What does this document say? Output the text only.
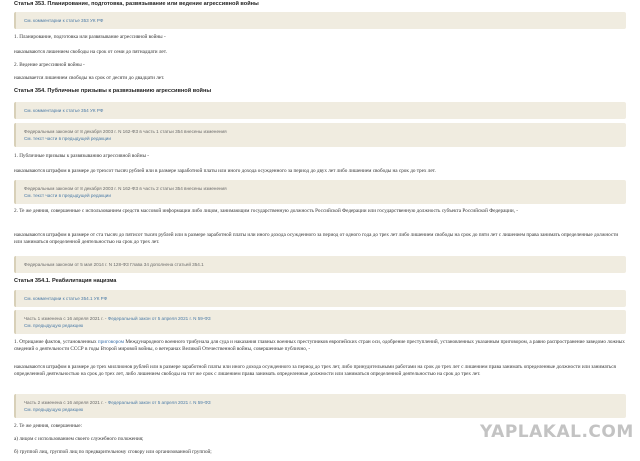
Статья 353. Планирование, подготовка, развязывание или ведение агрессивной войны
См. комментарии к статье 353 УК РФ
1. Планирование, подготовка или развязывание агрессивной войны -
наказываются лишением свободы на срок от семи до пятнадцати лет.
2. Ведение агрессивной войны -
наказывается лишением свободы на срок от десяти до двадцати лет.
Статья 354. Публичные призывы к развязыванию агрессивной войны
См. комментарии к статье 354 УК РФ
Федеральным законом от 8 декабря 2003 г. N 162-ФЗ в часть 1 статьи 354 внесены изменения
См. текст части в предыдущей редакции
1. Публичные призывы к развязыванию агрессивной войны -
наказываются штрафом в размере до трехсот тысяч рублей или в размере заработной платы или иного дохода осужденного за период до двух лет либо лишением свободы на срок до трех лет.
Федеральным законом от 8 декабря 2003 г. N 162-ФЗ в часть 2 статьи 354 внесены изменения
См. текст части в предыдущей редакции
2. Те же деяния, совершенные с использованием средств массовой информации либо лицом, занимающим государственную должность Российской Федерации или государственную должность субъекта Российской Федерации, -
наказываются штрафом в размере от ста тысяч до пятисот тысяч рублей или в размере заработной платы или иного дохода осужденного за период от одного года до трех лет либо лишением свободы на срок до пяти лет с лишением права занимать определенные должности или заниматься определенной деятельностью на срок до трех лет.
Федеральным законом от 5 мая 2014 г. N 128-ФЗ Глава 34 дополнена статьей 354.1
Статья 354.1. Реабилитация нацизма
См. комментарии к статье 354.1 УК РФ
Часть 1 изменена с 16 апреля 2021 г. - Федеральный закон от 5 апреля 2021 г. N 59-ФЗ
См. предыдущую редакцию
1. Отрицание фактов, установленных приговором Международного военного трибунала для суда и наказания главных военных преступников европейских стран оси, одобрение преступлений, установленных указанным приговором, а равно распространение заведомо ложных сведений о деятельности СССР в годы Второй мировой войны, о ветеранах Великой Отечественной войны, совершенные публично, -
наказываются штрафом в размере до трех миллионов рублей или в размере заработной платы или иного дохода осужденного за период до трех лет, либо принудительными работами на срок до трех лет с лишением права занимать определенные должности или заниматься определенной деятельностью на срок до трех лет, либо лишением свободы на тот же срок с лишением права занимать определенные должности или заниматься определенной деятельностью на срок до трех лет.
Часть 2 изменена с 16 апреля 2021 г. - Федеральный закон от 5 апреля 2021 г. N 59-ФЗ
См. предыдущую редакцию
2. Те же деяния, совершенные:
а) лицом с использованием своего служебного положения;
б) группой лиц, группой лиц по предварительному сговору или организованной группой;
YAPLAKAL.COM
